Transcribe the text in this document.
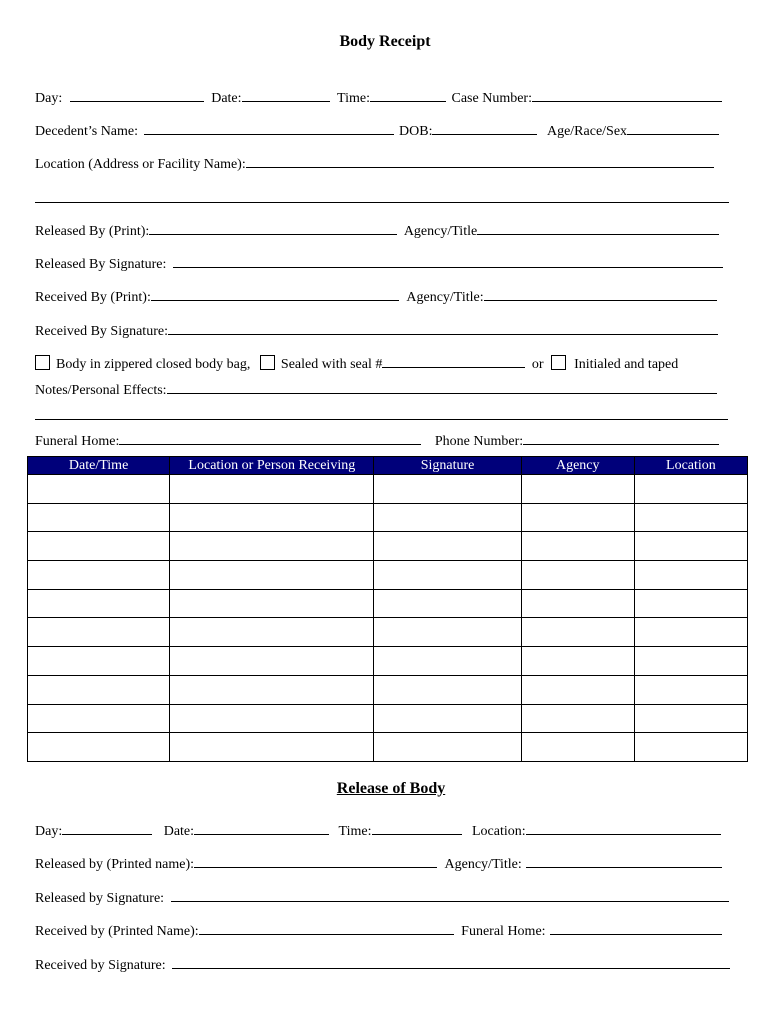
Body Receipt
Day:	Date:	Time:	Case Number:
Decedent’s Name:	DOB:	Age/Race/Sex
Location (Address or Facility Name):
Released By (Print):	Agency/Title
Released By Signature:
Received By (Print):	Agency/Title:
Received By Signature:
Body in zippered closed body bag, Sealed with seal #	or Initialed and taped
Notes/Personal Effects:
Funeral Home:	Phone Number:
Date/Time	Location or Person Receiving	Signature	Agency	Location

Release of Body
Day:	Date:	Time:	Location:
Released by (Printed name):	Agency/Title:
Released by Signature:
Received by (Printed Name):	Funeral Home:
Received by Signature:
